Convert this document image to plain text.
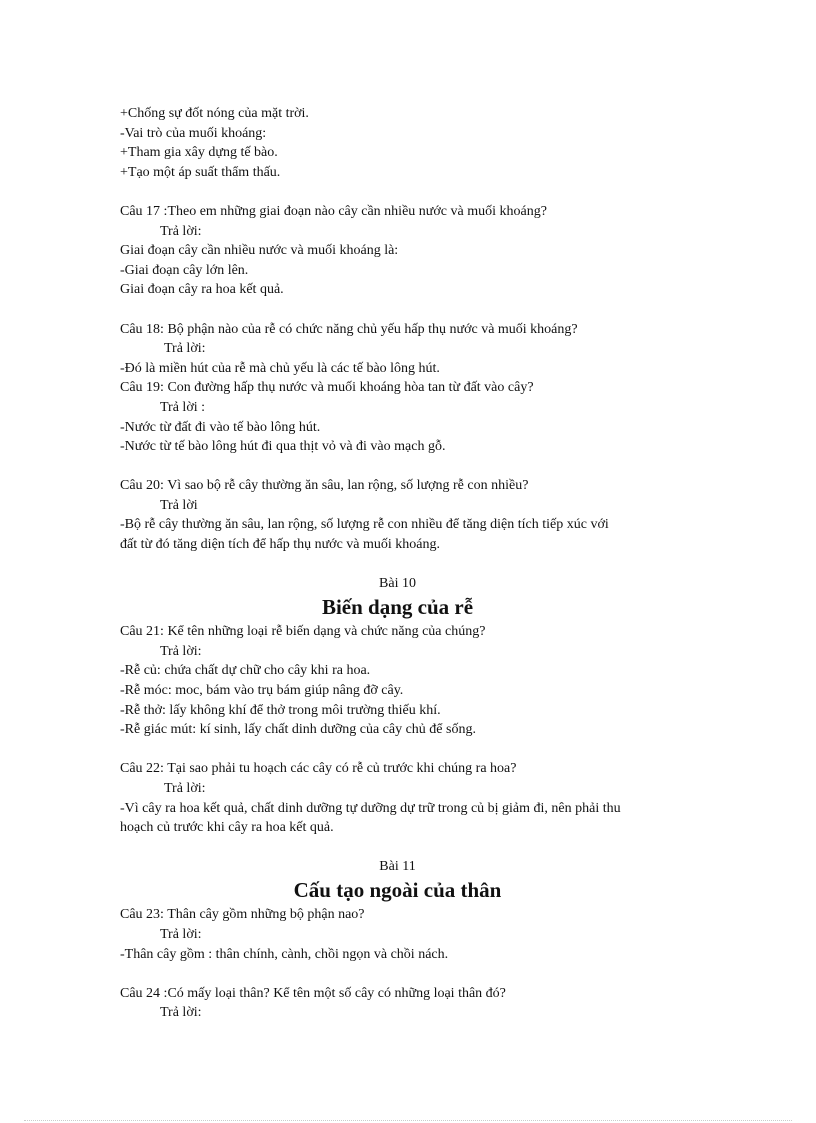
+Chống sự đốt nóng của mặt trời.

-Vai trò của muối khoáng:

+Tham gia xây dựng tế bào.

+Tạo một áp suất thẩm thấu.

Câu 17 :Theo em những giai đoạn nào cây cần nhiều nước và muối khoáng?

Trả lời:

Giai đoạn cây cần nhiều nước và muối khoáng là:

-Giai đoạn cây lớn lên.

Giai đoạn cây ra hoa kết quả.

Câu 18: Bộ phận nào của rễ có chức năng chủ yếu hấp thụ nước và muối khoáng?

Trả lời:

-Đó là miền hút của rễ mà chủ yếu là các tế bào lông hút.

Câu 19: Con đường hấp thụ nước và muối khoáng hòa tan từ đất vào cây?

Trả lời :

-Nước từ đất đi vào tế bào lông hút.

-Nước từ tế bào lông hút đi qua thịt vỏ và đi vào mạch gỗ.

Câu 20: Vì sao bộ rễ cây thường ăn sâu, lan rộng, số lượng rễ con nhiều?

Trả lời

-Bộ rễ cây thường ăn sâu, lan rộng, số lượng rễ con nhiều để tăng diện tích tiếp xúc với

đất từ đó tăng diện tích để hấp thụ nước và muối khoáng.

Bài 10

Biến dạng của rễ

Câu 21: Kể tên những loại rễ biến dạng và chức năng của chúng?

Trả lời:

-Rễ củ: chứa chất dự chữ cho cây khi ra hoa.

-Rễ móc: moc, bám vào trụ bám giúp nâng đỡ cây.

-Rễ thở: lấy không khí để thở trong môi trường thiếu khí.

-Rễ giác mút: kí sinh, lấy chất dinh dưỡng của cây chủ để sống.

Câu 22: Tại sao phải tu hoạch các cây có rễ củ trước khi chúng ra hoa?

Trả lời:

-Vì cây ra hoa kết quả, chất dinh dưỡng tự dưỡng dự trữ trong củ bị giảm đi, nên phải thu

hoạch củ trước khi cây ra hoa kết quả.

Bài 11

Cấu tạo ngoài của thân

Câu 23: Thân cây gồm những bộ phận nao?

Trả lời:

-Thân cây gồm : thân chính, cành, chồi ngọn và chồi nách.

Câu 24 :Có mấy loại thân? Kể tên một số cây có những loại thân đó?

Trả lời:
